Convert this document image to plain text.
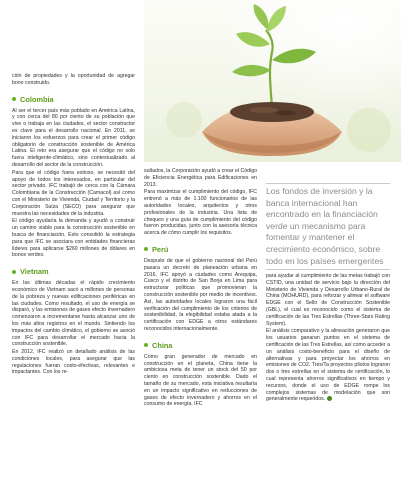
ción de propiedades y la oportunidad de agregar bono construido.

Colombia

Al ser el tercer país más poblado en América Latina, y con cerca del 80 por ciento de su población que vive o trabaja en las ciudades, el sector constructor es clave para el desarrollo nacional. En 2011, se iniciaron los esfuerzos para crear el primer código obligatorio de construcción sostenible de América Latina. El reto era asegurar que el código no solo fuera inteligente-climático, sino contextualizado al desarrollo del sector de la construcción.

Para que el código fuera exitoso, se necesitó del apoyo de todos los interesados, en particular del sector privado. IFC trabajó de cerca con la Cámara Colombiana de la Construcción (Camacol) así como con el Ministerio de Vivienda, Ciudad y Territorio y la Corporación Suiza (SECO) para asegurar que muestra las necesidades de la industria.

El código ayudaría la demanda y ayudó a construir un camino viable para la construcción sostenible en busca de financiación. Esto consolidó la estrategia para que IFC se asociara con entidades financieras líderes para aplicarse $260 millones de dólares en bonos verdes.

Vietnam

En las últimas décadas el rápido crecimiento económico de Vietnam sacó a millones de personas de la pobreza y nuevas edificaciones periféricas en las ciudades. Como resultado, el uso de energía se disparó, y las emisiones de gases efecto invernadero comenzaron a incrementarse hasta alcanzar uno de los más altos registros en el mundo. Sintiendo los impactos del cambio climático, el gobierno se asoció con IFC para desarrollar el mercado hacia la construcción sostenible.

En 2012, IFC realizó un detallado análisis de las condiciones locales, para asegurar que las regulaciones fueran costo-efectivas, relevantes e impactantes. Con los re-

sultados, la Corporación ayudó a crear el Código de Eficiencia Energética para Edificaciones en 2013.

Para maximizar el cumplimiento del código, IFC entrenó a más de 1.100 funcionarios de las autoridades locales, arquitectos y otros profesionales de la industria. Una lista de chequeo y una guía de cumplimiento del código fueron producidas, junto con la asesoría técnica acerca de cómo cumplir los requisitos.

Perú

Después de que el gobierno nacional del Perú pasara un decreto de planeación urbana en 2016, IFC apoyó a ciudades como Arequipa, Cusco y el distrito de San Borja en Lima para estructurar políticas que promovieran la construcción sostenible por medio de incentivos. Así, las autoridades locales lograron una fácil verificación del cumplimiento de los criterios de sostenibilidad, la elegibilidad estaba atada a la certificación con EDGE a otros estándares reconocidos internacionalmente.

China

Como gran generador de mercado en construcción en el planeta, China tiene la ambiciosa meta de tener un stock del 50 por ciento en construcción sostenible. Dado el tamaño de su mercado, esta iniciativa resultaría en un impacto significativo en reducciones de gases de efecto invernadero y ahorros en el consumo de energía. IFC

Los fondos de inversión y la banca internacional han encontrado en la financiación verde un mecanismo para fomentar y mantener el crecimiento económico, sobre todo en los países emergentes

para ayudar al cumplimiento de las metas trabajó con CSTID, una unidad de servicio bajo la dirección del Ministerio de Vivienda y Desarrollo Urbano-Rural de China (MOHURD), para reforzar y alinear el software EDGE con el Sello de Construcción Sostenible (GBL), el cual es reconocido como el sistema de certificación de las Tres Estrellas (Three-Stars Rating System).

El análisis comparativo y la alineación generaron que los usuarios ganaran puntos en el sistema de certificación de las Tres Estrellas, así como acceder a un análisis costo-beneficio para el diseño de alternativas y para proyectar los ahorros en emisiones de CO2. Tres/Ta proyectos pilotos lograron dos o tres estrellas en el sistema de certificación, lo cual representa ahorros significativos en tiempo y recursos, donde el uso de EDGE rompe los complejos sistemas de modelación que son generalmente requeridos.
